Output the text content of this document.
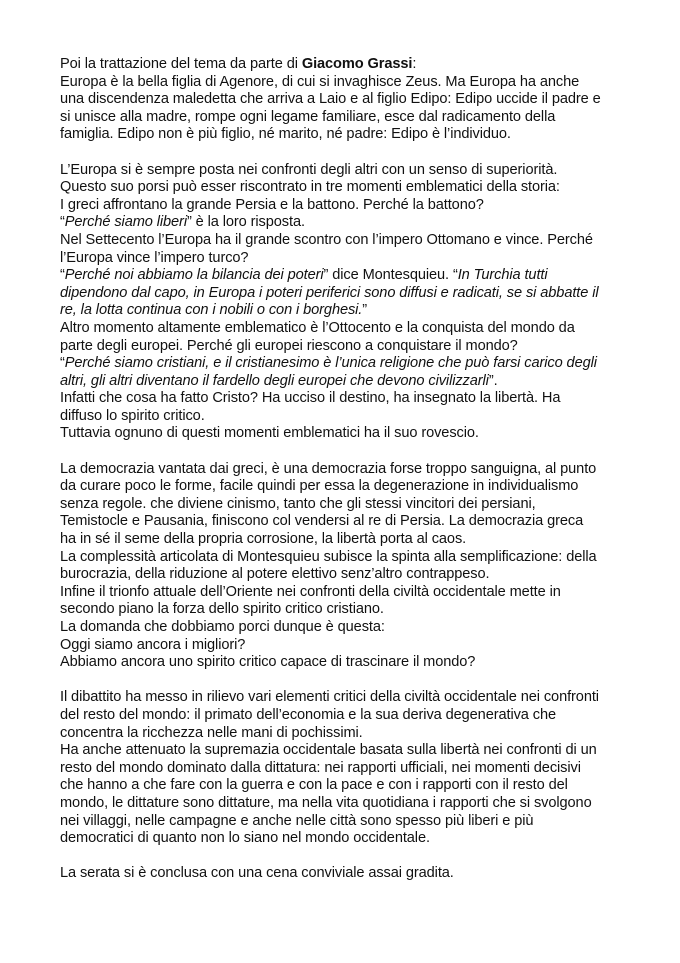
Poi la trattazione del tema da parte di Giacomo Grassi:
Europa è la bella figlia di Agenore, di cui si invaghisce Zeus. Ma Europa ha anche
una discendenza maledetta che arriva a Laio e al figlio Edipo: Edipo uccide il padre e
si unisce alla madre, rompe ogni legame familiare, esce dal radicamento della
famiglia. Edipo non è più figlio, né marito, né padre: Edipo è l’individuo.
L’Europa si è sempre posta nei confronti degli altri con un senso di superiorità.
Questo suo porsi può esser riscontrato in tre momenti emblematici della storia:
I greci affrontano la grande Persia e la battono. Perché la battono?
“Perché siamo liberi” è la loro risposta.
Nel Settecento l’Europa ha il grande scontro con l’impero Ottomano e vince. Perché
l’Europa vince l’impero turco?
“Perché noi abbiamo la bilancia dei poteri” dice Montesquieu. “In Turchia tutti
dipendono dal capo, in Europa i poteri periferici sono diffusi e radicati, se si abbatte il
re, la lotta continua con i nobili o con i borghesi.”
Altro momento altamente emblematico è l’Ottocento e la conquista del mondo da
parte degli europei. Perché gli europei riescono a conquistare il mondo?
“Perché siamo cristiani, e il cristianesimo è l’unica religione che può farsi carico degli
altri, gli altri diventano il fardello degli europei che devono civilizzarli”.
Infatti che cosa ha fatto Cristo? Ha ucciso il destino, ha insegnato la libertà. Ha
diffuso lo spirito critico.
Tuttavia ognuno di questi momenti emblematici ha il suo rovescio.
La democrazia vantata dai greci, è una democrazia forse troppo sanguigna, al punto
da curare poco le forme, facile quindi per essa la degenerazione in individualismo
senza regole. che diviene cinismo, tanto che gli stessi vincitori dei persiani,
Temistocle e Pausania, finiscono col vendersi al re di Persia. La democrazia greca
ha in sé il seme della propria corrosione, la libertà porta al caos.
La complessità articolata di Montesquieu subisce la spinta alla semplificazione: della
burocrazia, della riduzione al potere elettivo senz’altro contrappeso.
Infine il trionfo attuale dell’Oriente nei confronti della civiltà occidentale mette in
secondo piano la forza dello spirito critico cristiano.
La domanda che dobbiamo porci dunque è questa:
Oggi siamo ancora i migliori?
Abbiamo ancora uno spirito critico capace di trascinare il mondo?
Il dibattito ha messo in rilievo vari elementi critici della civiltà occidentale nei confronti
del resto del mondo: il primato dell’economia e la sua deriva degenerativa che
concentra la ricchezza nelle mani di pochissimi.
Ha anche attenuato la supremazia occidentale basata sulla libertà nei confronti di un
resto del mondo dominato dalla dittatura: nei rapporti ufficiali, nei momenti decisivi
che hanno a che fare con la guerra e con la pace e con i rapporti con il resto del
mondo, le dittature sono dittature, ma nella vita quotidiana i rapporti che si svolgono
nei villaggi, nelle campagne e anche nelle città sono spesso più liberi e più
democratici di quanto non lo siano nel mondo occidentale.
La serata si è conclusa con una cena conviviale assai gradita.
